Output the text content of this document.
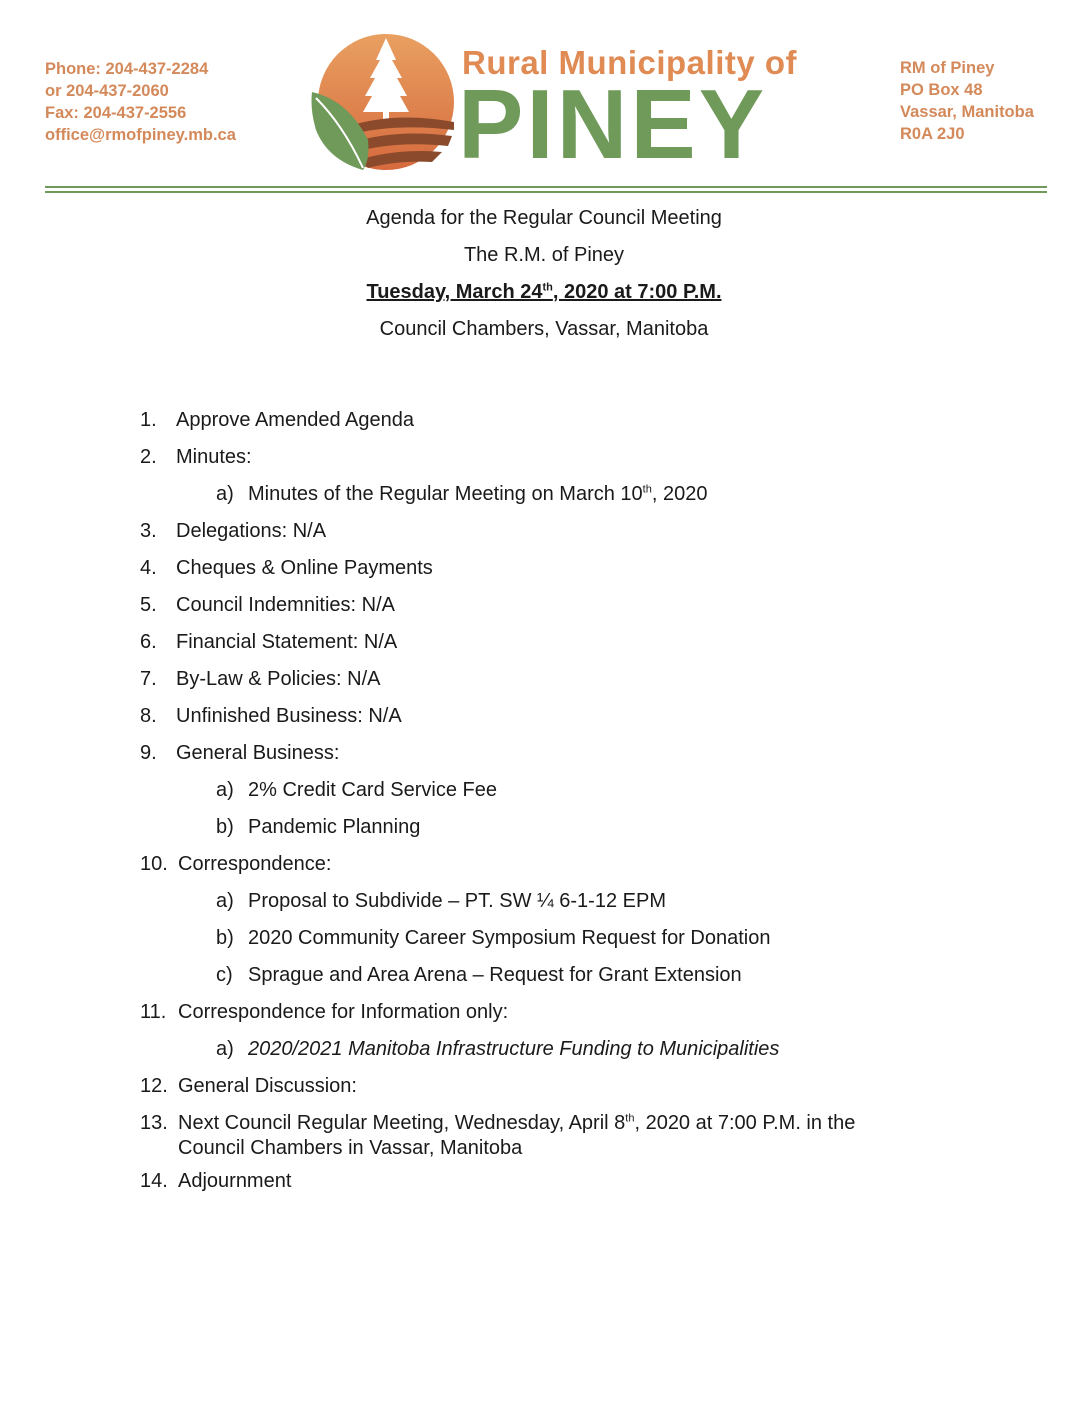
Phone: 204-437-2284
or 204-437-2060
Fax: 204-437-2556
office@rmofpiney.mb.ca
Rural Municipality of
PINEY
RM of Piney
PO Box 48
Vassar, Manitoba
R0A 2J0
Agenda for the Regular Council Meeting
The R.M. of Piney
Tuesday, March 24th, 2020 at 7:00 P.M.
Council Chambers, Vassar, Manitoba
1. Approve Amended Agenda
2. Minutes:
a) Minutes of the Regular Meeting on March 10th, 2020
3. Delegations: N/A
4. Cheques & Online Payments
5. Council Indemnities: N/A
6. Financial Statement: N/A
7. By-Law & Policies: N/A
8. Unfinished Business: N/A
9. General Business:
a) 2% Credit Card Service Fee
b) Pandemic Planning
10. Correspondence:
a) Proposal to Subdivide – PT. SW ¼ 6-1-12 EPM
b) 2020 Community Career Symposium Request for Donation
c) Sprague and Area Arena – Request for Grant Extension
11. Correspondence for Information only:
a) 2020/2021 Manitoba Infrastructure Funding to Municipalities
12. General Discussion:
13. Next Council Regular Meeting, Wednesday, April 8th, 2020 at 7:00 P.M. in the
Council Chambers in Vassar, Manitoba
14. Adjournment
